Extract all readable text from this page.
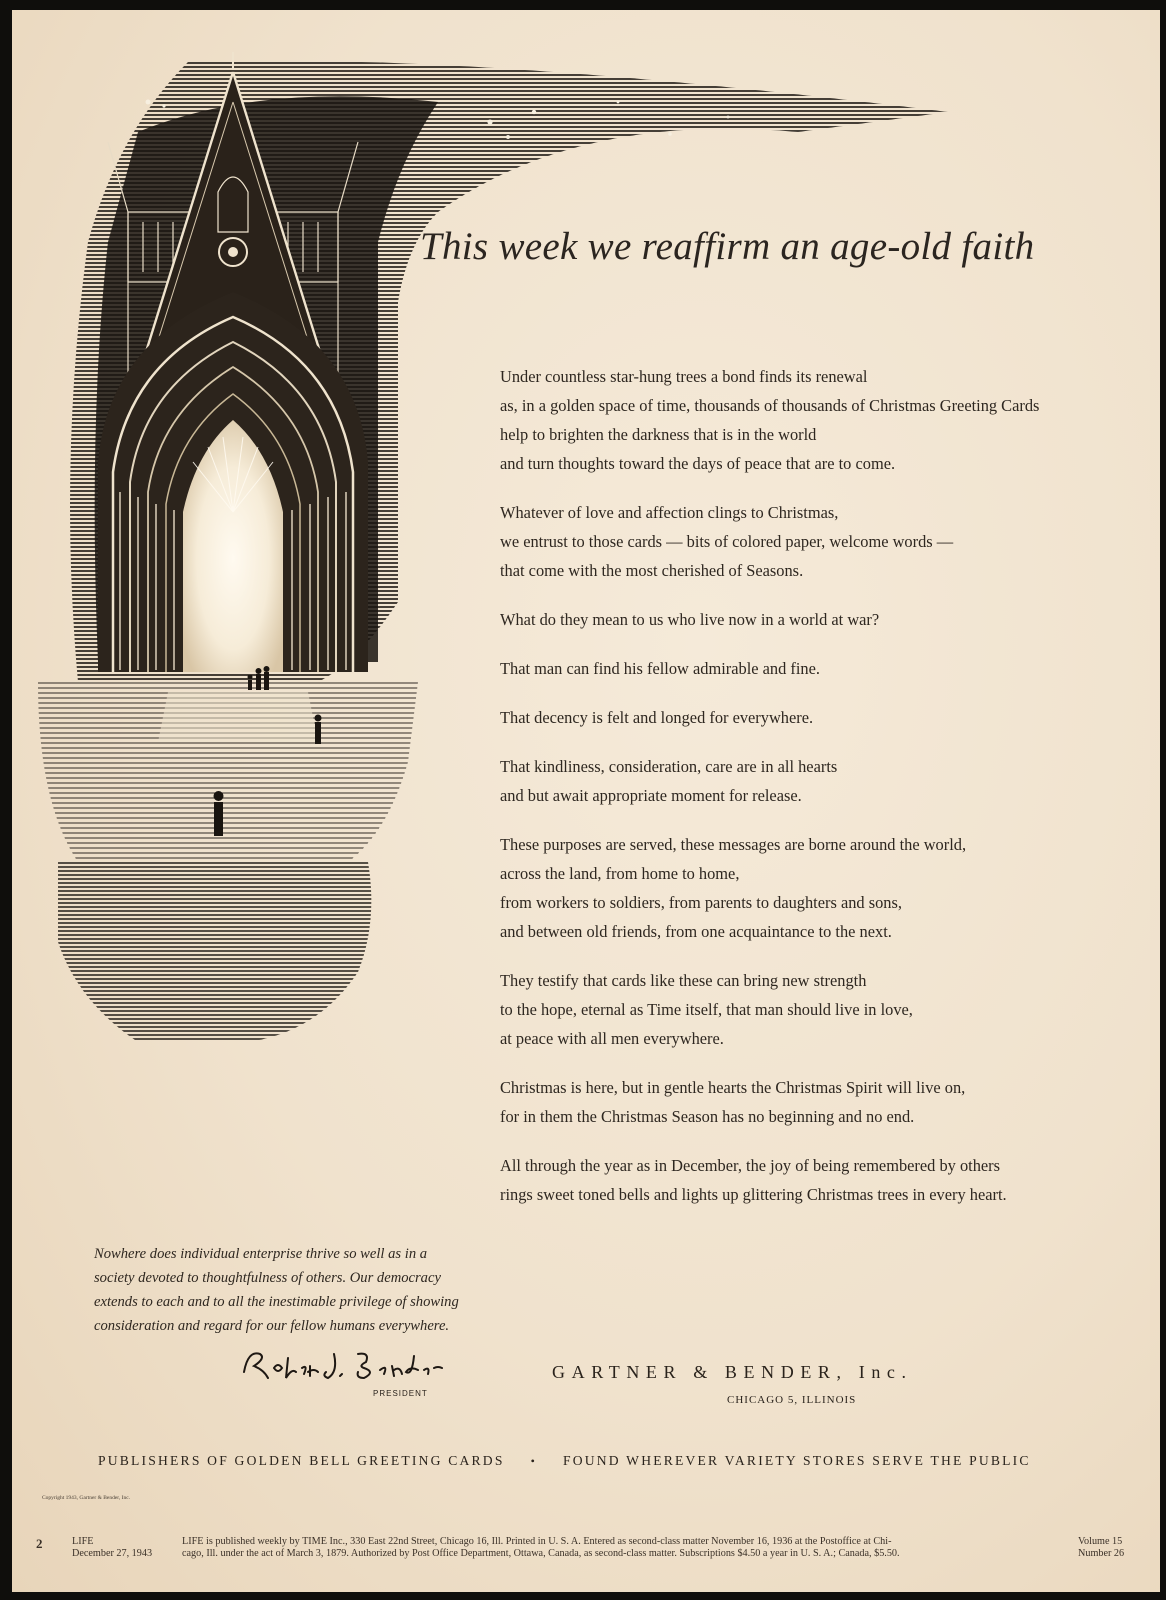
This week we reaffirm an age-old faith

Under countless star-hung trees a bond finds its renewal
as, in a golden space of time, thousands of thousands of Christmas Greeting Cards
help to brighten the darkness that is in the world
and turn thoughts toward the days of peace that are to come.

Whatever of love and affection clings to Christmas,
we entrust to those cards — bits of colored paper, welcome words —
that come with the most cherished of Seasons.

What do they mean to us who live now in a world at war?

That man can find his fellow admirable and fine.

That decency is felt and longed for everywhere.

That kindliness, consideration, care are in all hearts
and but await appropriate moment for release.

These purposes are served, these messages are borne around the world,
across the land, from home to home,
from workers to soldiers, from parents to daughters and sons,
and between old friends, from one acquaintance to the next.

They testify that cards like these can bring new strength
to the hope, eternal as Time itself, that man should live in love,
at peace with all men everywhere.

Christmas is here, but in gentle hearts the Christmas Spirit will live on,
for in them the Christmas Season has no beginning and no end.

All through the year as in December, the joy of being remembered by others
rings sweet toned bells and lights up glittering Christmas trees in every heart.

Nowhere does individual enterprise thrive so well as in a
society devoted to thoughtfulness of others. Our democracy
extends to each and to all the inestimable privilege of showing
consideration and regard for our fellow humans everywhere.
PRESIDENT
GARTNER & BENDER, Inc.
CHICAGO 5, ILLINOIS
PUBLISHERS OF GOLDEN BELL GREETING CARDS • FOUND WHEREVER VARIETY STORES SERVE THE PUBLIC
Copyright 1943, Gartner & Bender, Inc.
2	LIFE
December 27, 1943
LIFE is published weekly by TIME Inc., 330 East 22nd Street, Chicago 16, Ill. Printed in U. S. A. Entered as second-class matter November 16, 1936 at the Postoffice at Chi-
cago, Ill. under the act of March 3, 1879. Authorized by Post Office Department, Ottawa, Canada, as second-class matter. Subscriptions $4.50 a year in U. S. A.; Canada, $5.50.
Volume 15
Number 26
